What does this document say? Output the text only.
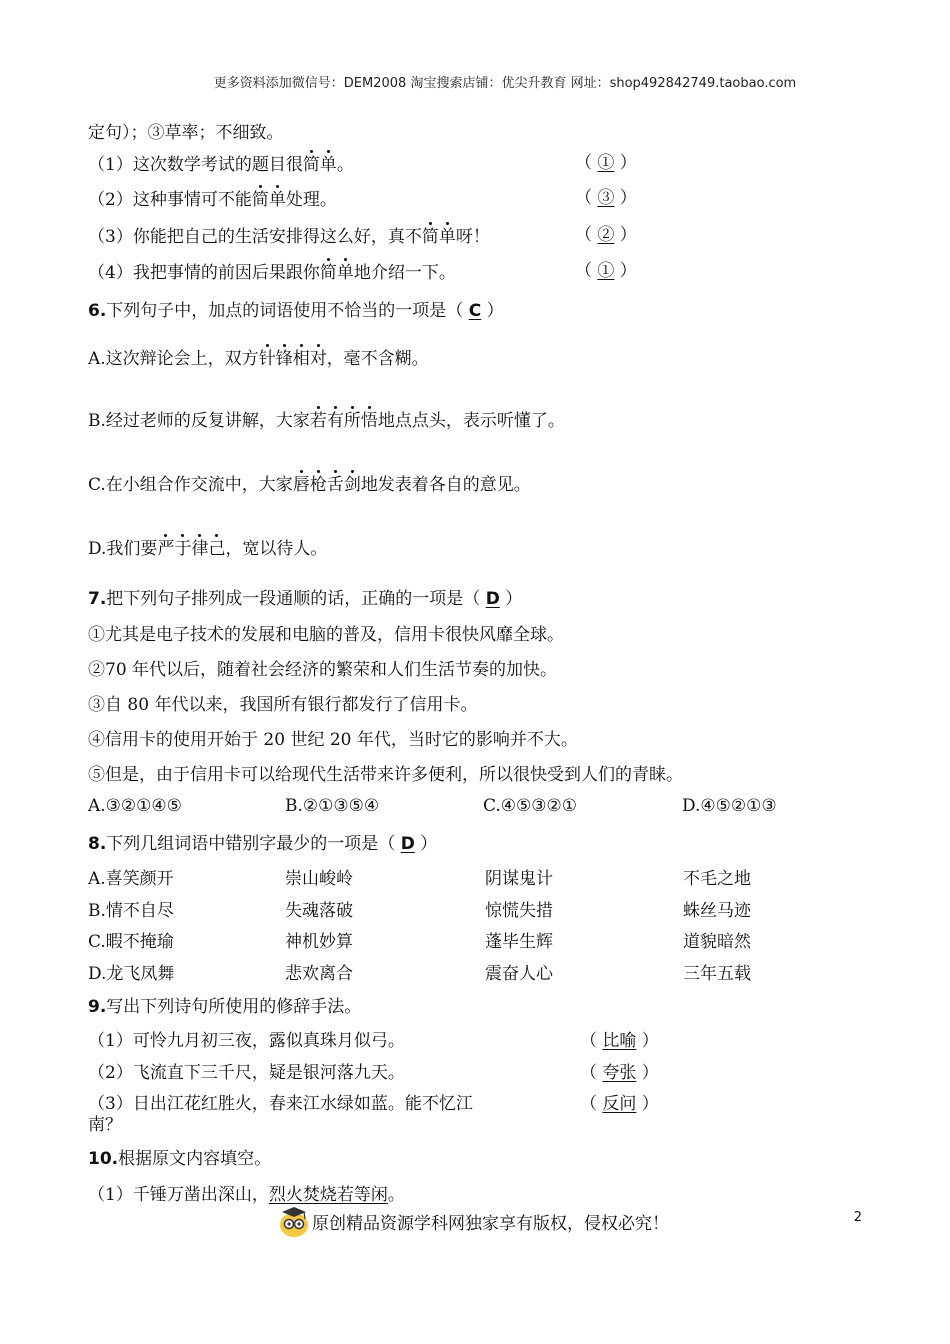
更多资料添加微信号：DEM2008 淘宝搜索店铺：优尖升教育 网址：shop492842749.taobao.com
定句）；③草率；不细致。
（1）这次数学考试的题目很简单。	（ ① ）
（2）这种事情可不能简单处理。	（ ③ ）
（3）你能把自己的生活安排得这么好，真不简单呀！	（ ② ）
（4）我把事情的前因后果跟你简单地介绍一下。	（ ① ）
6.下列句子中，加点的词语使用不恰当的一项是（ C ）
A.这次辩论会上，双方针锋相对，毫不含糊。
B.经过老师的反复讲解，大家若有所悟地点点头，表示听懂了。
C.在小组合作交流中，大家唇枪舌剑地发表着各自的意见。
D.我们要严于律己，宽以待人。
7.把下列句子排列成一段通顺的话，正确的一项是（ D ）
①尤其是电子技术的发展和电脑的普及，信用卡很快风靡全球。
②70 年代以后，随着社会经济的繁荣和人们生活节奏的加快。
③自 80 年代以来，我国所有银行都发行了信用卡。
④信用卡的使用开始于 20 世纪 20 年代，当时它的影响并不大。
⑤但是，由于信用卡可以给现代生活带来许多便利，所以很快受到人们的青睐。
A.③②①④⑤	B.②①③⑤④	C.④⑤③②①	D.④⑤②①③
8.下列几组词语中错别字最少的一项是（ D ）
A.喜笑颜开	崇山峻岭	阴谋鬼计	不毛之地
B.情不自尽	失魂落破	惊慌失措	蛛丝马迹
C.暇不掩瑜	神机妙算	蓬毕生辉	道貌暗然
D.龙飞凤舞	悲欢离合	震奋人心	三年五载
9.写出下列诗句所使用的修辞手法。
（1）可怜九月初三夜，露似真珠月似弓。	（ 比喻 ）
（2）飞流直下三千尺，疑是银河落九天。	（ 夸张 ）
（3）日出江花红胜火，春来江水绿如蓝。能不忆江
南？
（ 反问 ）
10.根据原文内容填空。
（1）千锤万凿出深山，烈火焚烧若等闲。
原创精品资源学科网独家享有版权，侵权必究！	2
